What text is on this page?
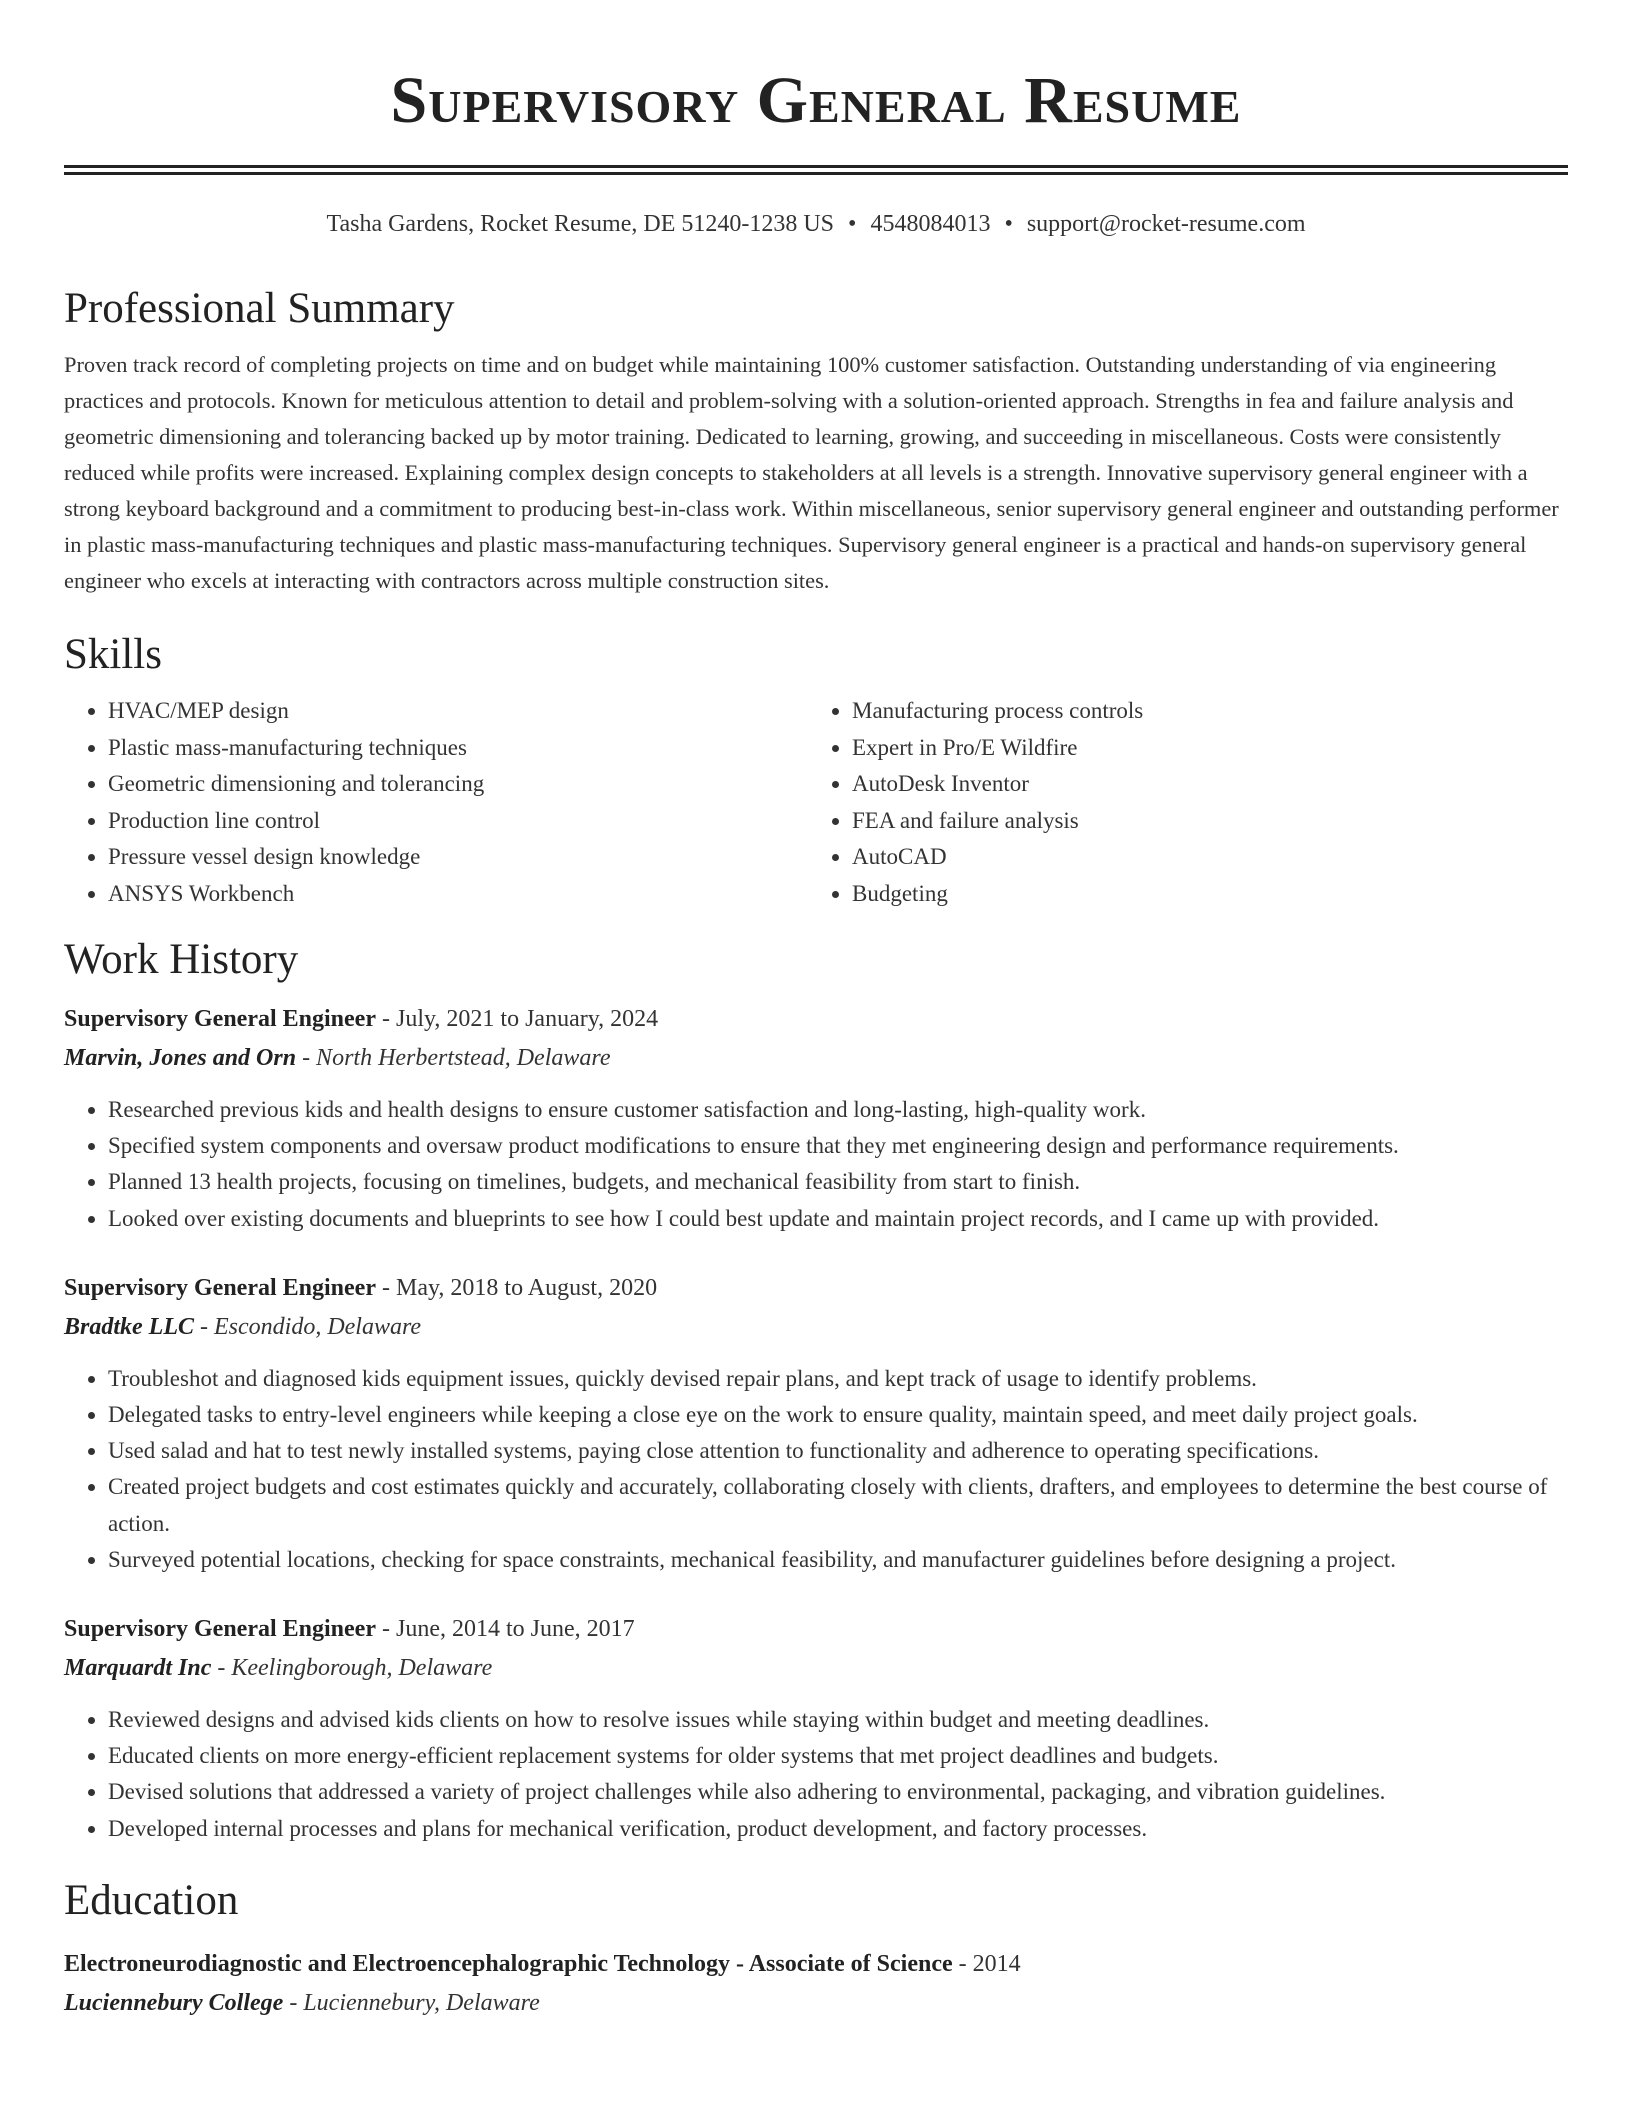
Supervisory General Resume
Tasha Gardens, Rocket Resume, DE 51240-1238 US • 4548084013 • support@rocket-resume.com
Professional Summary

Proven track record of completing projects on time and on budget while maintaining 100% customer satisfaction. Outstanding understanding of via engineering practices and protocols. Known for meticulous attention to detail and problem-solving with a solution-oriented approach. Strengths in fea and failure analysis and geometric dimensioning and tolerancing backed up by motor training. Dedicated to learning, growing, and succeeding in miscellaneous. Costs were consistently reduced while profits were increased. Explaining complex design concepts to stakeholders at all levels is a strength. Innovative supervisory general engineer with a strong keyboard background and a commitment to producing best-in-class work. Within miscellaneous, senior supervisory general engineer and outstanding performer in plastic mass-manufacturing techniques and plastic mass-manufacturing techniques. Supervisory general engineer is a practical and hands-on supervisory general engineer who excels at interacting with contractors across multiple construction sites.

Skills
• HVAC/MEP design
• Plastic mass-manufacturing techniques
• Geometric dimensioning and tolerancing
• Production line control
• Pressure vessel design knowledge
• ANSYS Workbench
• Manufacturing process controls
• Expert in Pro/E Wildfire
• AutoDesk Inventor
• FEA and failure analysis
• AutoCAD
• Budgeting
Work History
Supervisory General Engineer - July, 2021 to January, 2024
Marvin, Jones and Orn - North Herbertstead, Delaware
• Researched previous kids and health designs to ensure customer satisfaction and long-lasting, high-quality work.
• Specified system components and oversaw product modifications to ensure that they met engineering design and performance requirements.
• Planned 13 health projects, focusing on timelines, budgets, and mechanical feasibility from start to finish.
• Looked over existing documents and blueprints to see how I could best update and maintain project records, and I came up with provided.
Supervisory General Engineer - May, 2018 to August, 2020
Bradtke LLC - Escondido, Delaware
• Troubleshot and diagnosed kids equipment issues, quickly devised repair plans, and kept track of usage to identify problems.
• Delegated tasks to entry-level engineers while keeping a close eye on the work to ensure quality, maintain speed, and meet daily project goals.
• Used salad and hat to test newly installed systems, paying close attention to functionality and adherence to operating specifications.
• Created project budgets and cost estimates quickly and accurately, collaborating closely with clients, drafters, and employees to determine the best course of action.
• Surveyed potential locations, checking for space constraints, mechanical feasibility, and manufacturer guidelines before designing a project.
Supervisory General Engineer - June, 2014 to June, 2017
Marquardt Inc - Keelingborough, Delaware
• Reviewed designs and advised kids clients on how to resolve issues while staying within budget and meeting deadlines.
• Educated clients on more energy-efficient replacement systems for older systems that met project deadlines and budgets.
• Devised solutions that addressed a variety of project challenges while also adhering to environmental, packaging, and vibration guidelines.
• Developed internal processes and plans for mechanical verification, product development, and factory processes.
Education
Electroneurodiagnostic and Electroencephalographic Technology - Associate of Science - 2014
Luciennebury College - Luciennebury, Delaware
